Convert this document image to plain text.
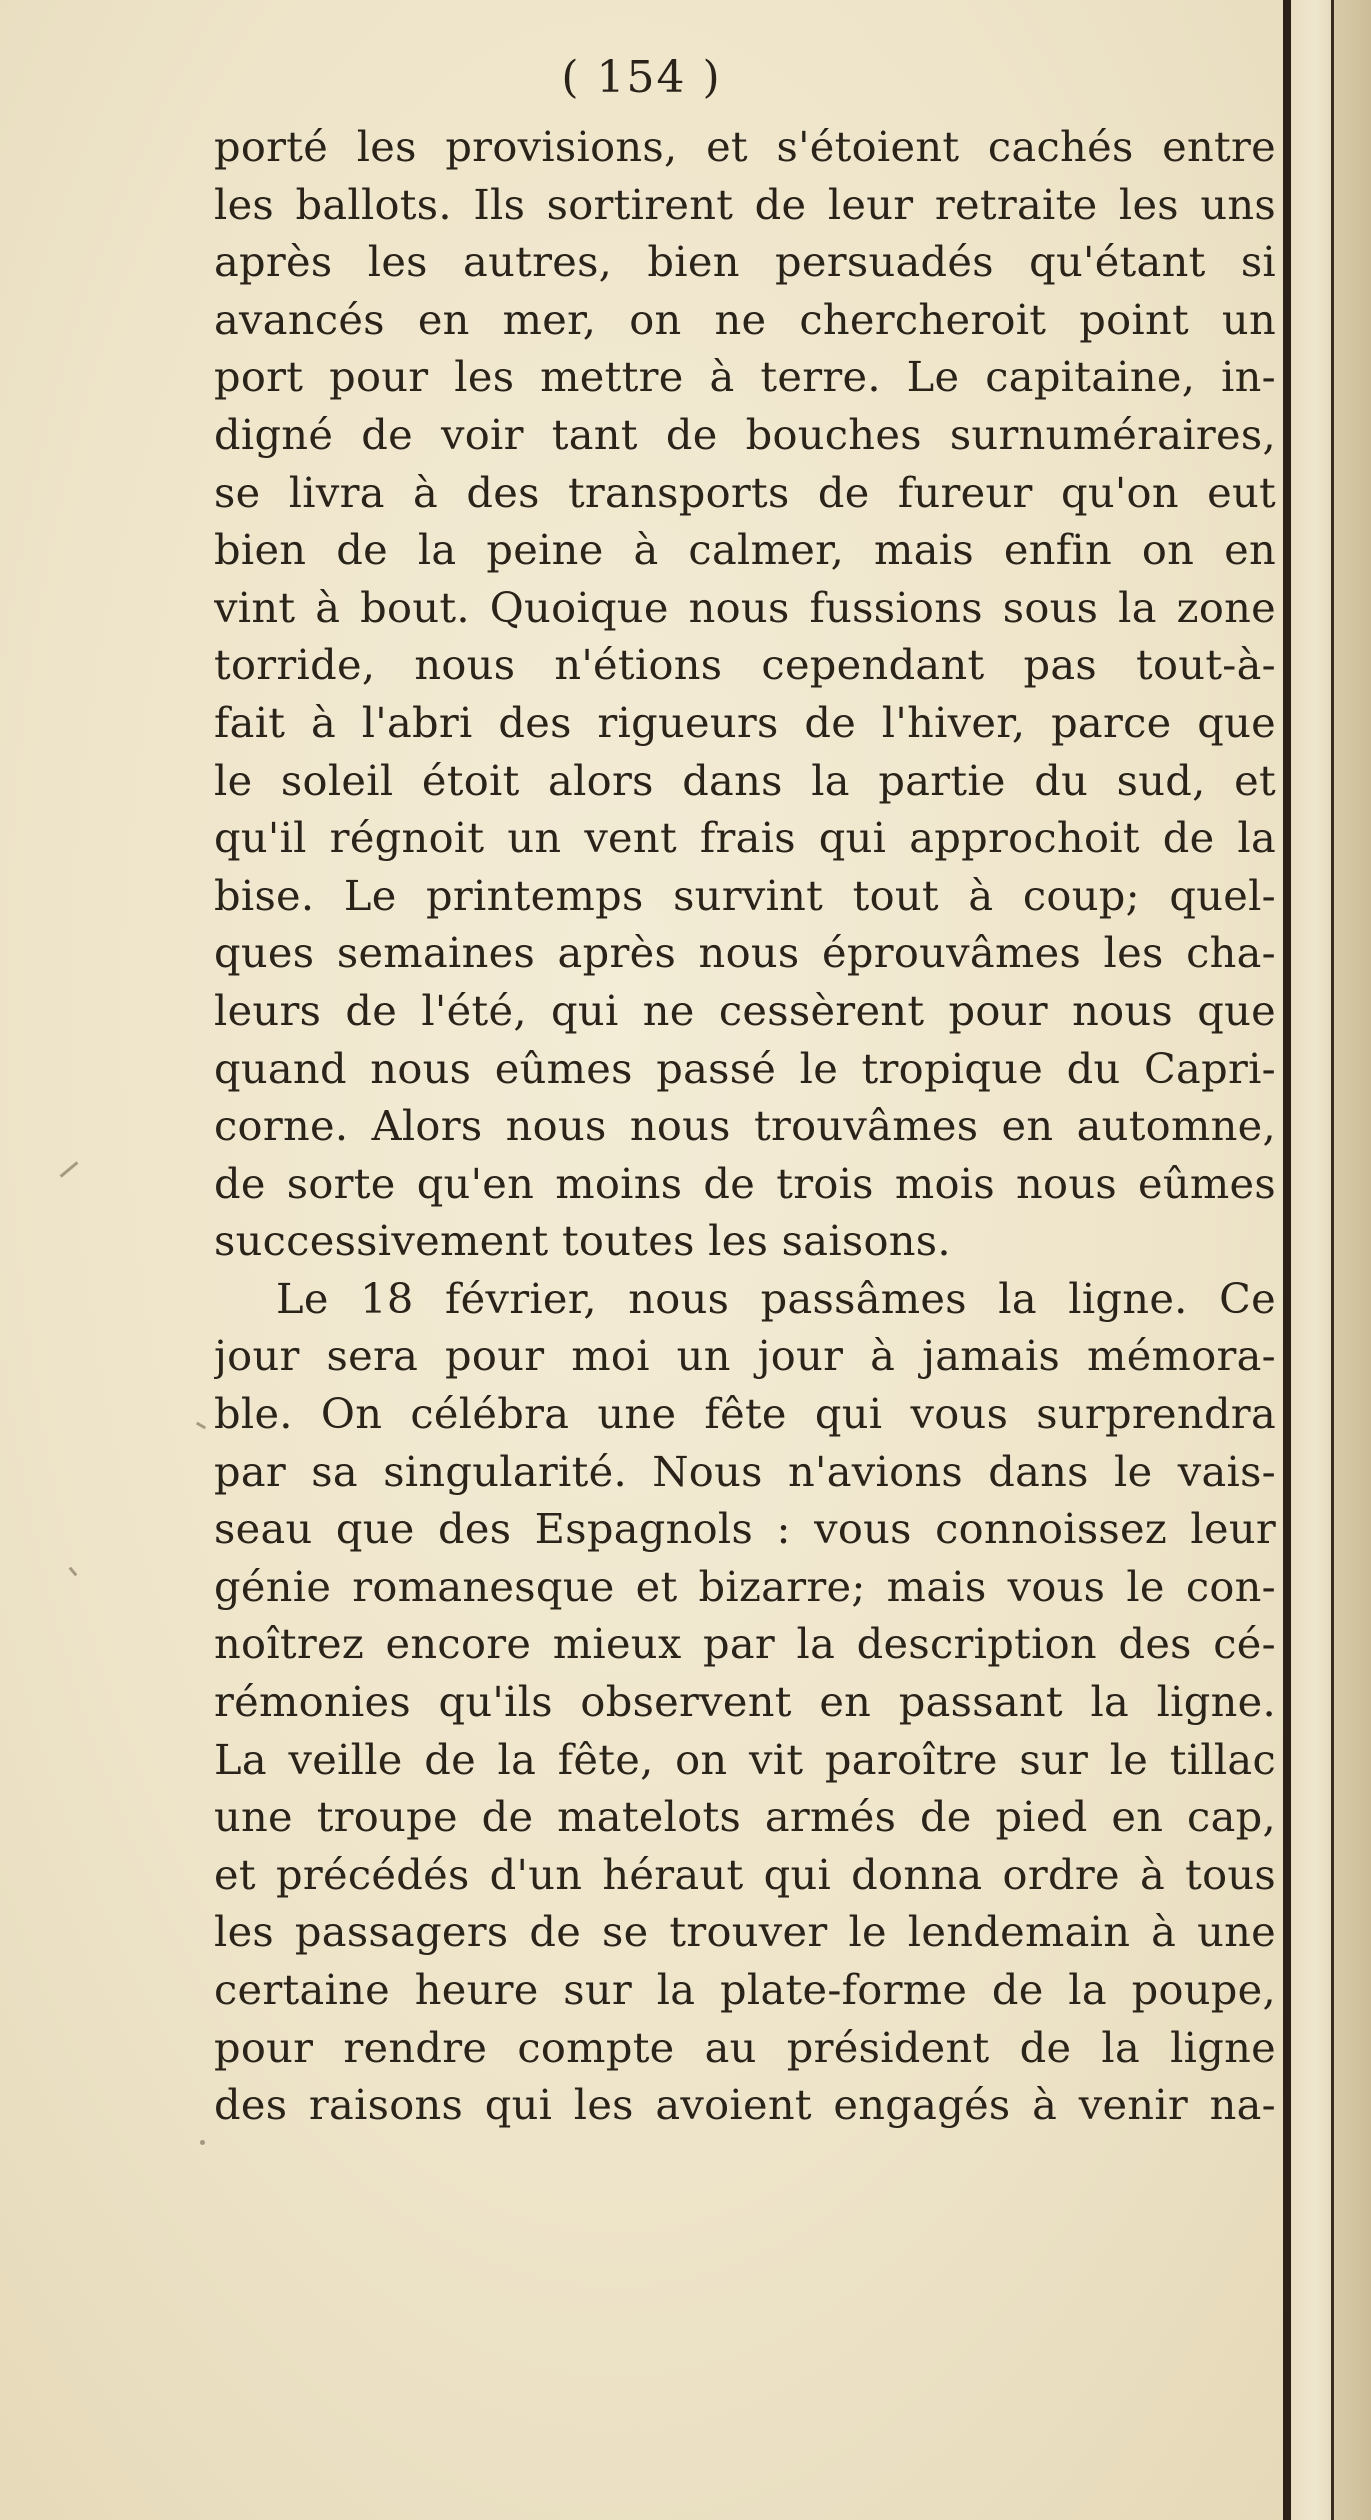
( 154 )
porté les provisions, et s'étoient cachés entre
les ballots. Ils sortirent de leur retraite les uns
après les autres, bien persuadés qu'étant si
avancés en mer, on ne chercheroit point un
port pour les mettre à terre. Le capitaine, in-
digné de voir tant de bouches surnuméraires,
se livra à des transports de fureur qu'on eut
bien de la peine à calmer, mais enfin on en
vint à bout. Quoique nous fussions sous la zone
torride, nous n'étions cependant pas tout-à-
fait à l'abri des rigueurs de l'hiver, parce que
le soleil étoit alors dans la partie du sud, et
qu'il régnoit un vent frais qui approchoit de la
bise. Le printemps survint tout à coup; quel-
ques semaines après nous éprouvâmes les cha-
leurs de l'été, qui ne cessèrent pour nous que
quand nous eûmes passé le tropique du Capri-
corne. Alors nous nous trouvâmes en automne,
de sorte qu'en moins de trois mois nous eûmes
successivement toutes les saisons.
Le 18 février, nous passâmes la ligne. Ce
jour sera pour moi un jour à jamais mémora-
ble. On célébra une fête qui vous surprendra
par sa singularité. Nous n'avions dans le vais-
seau que des Espagnols : vous connoissez leur
génie romanesque et bizarre; mais vous le con-
noîtrez encore mieux par la description des cé-
rémonies qu'ils observent en passant la ligne.
La veille de la fête, on vit paroître sur le tillac
une troupe de matelots armés de pied en cap,
et précédés d'un héraut qui donna ordre à tous
les passagers de se trouver le lendemain à une
certaine heure sur la plate-forme de la poupe,
pour rendre compte au président de la ligne
des raisons qui les avoient engagés à venir na-
